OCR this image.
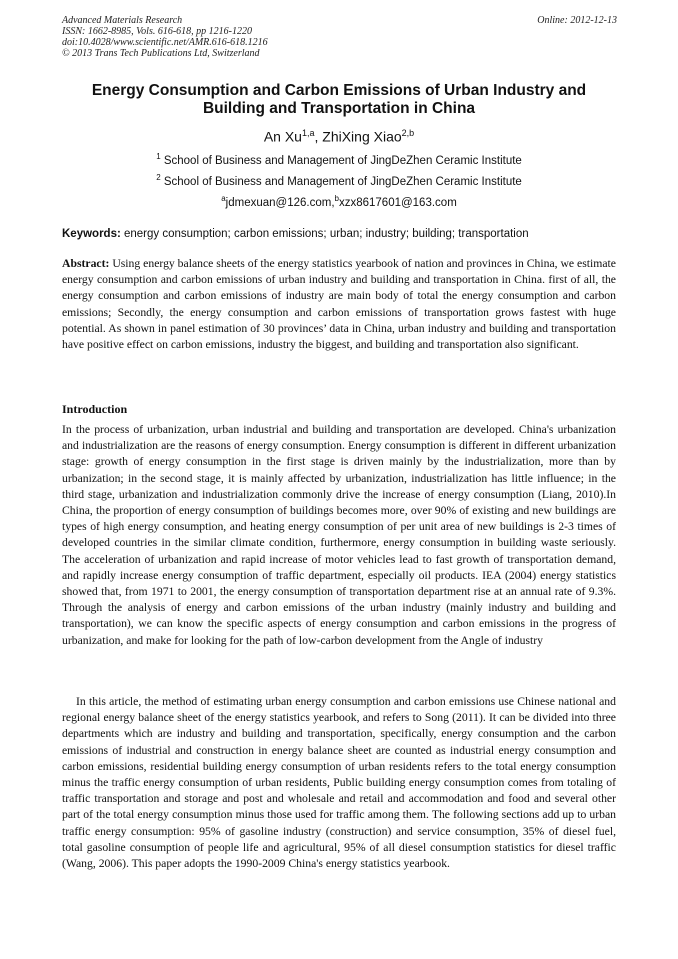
Advanced Materials Research
ISSN: 1662-8985, Vols. 616-618, pp 1216-1220
doi:10.4028/www.scientific.net/AMR.616-618.1216
© 2013 Trans Tech Publications Ltd, Switzerland
Online: 2012-12-13
Energy Consumption and Carbon Emissions of Urban Industry and
Building and Transportation in China
An Xu$^{1,a}$, ZhiXing Xiao$^{2,b}$
$^1$ School of Business and Management of JingDeZhen Ceramic Institute
$^2$ School of Business and Management of JingDeZhen Ceramic Institute
$^a$jdmexuan@126.com,$^b$xzx8617601@163.com
Keywords: energy consumption; carbon emissions; urban; industry; building; transportation
Abstract: Using energy balance sheets of the energy statistics yearbook of nation and provinces in China, we estimate energy consumption and carbon emissions of urban industry and building and transportation in China. first of all, the energy consumption and carbon emissions of industry are main body of total the energy consumption and carbon emissions; Secondly, the energy consumption and carbon emissions of transportation grows fastest with huge potential. As shown in panel estimation of 30 provinces’ data in China, urban industry and building and transportation have positive effect on carbon emissions, industry the biggest, and building and transportation also significant.
Introduction
In the process of urbanization, urban industrial and building and transportation are developed. China's urbanization and industrialization are the reasons of energy consumption. Energy consumption is different in different urbanization stage: growth of energy consumption in the first stage is driven mainly by the industrialization, more than by urbanization; in the second stage, it is mainly affected by urbanization, industrialization has little influence; in the third stage, urbanization and industrialization commonly drive the increase of energy consumption (Liang, 2010).In China, the proportion of energy consumption of buildings becomes more, over 90% of existing and new buildings are types of high energy consumption, and heating energy consumption of per unit area of new buildings is 2-3 times of developed countries in the similar climate condition, furthermore, energy consumption in building waste seriously. The acceleration of urbanization and rapid increase of motor vehicles lead to fast growth of transportation demand, and rapidly increase energy consumption of traffic department, especially oil products. IEA (2004) energy statistics showed that, from 1971 to 2001, the energy consumption of transportation department rise at an annual rate of 9.3%. Through the analysis of energy and carbon emissions of the urban industry (mainly industry and building and transportation), we can know the specific aspects of energy consumption and carbon emissions in the progress of urbanization, and make for looking for the path of low-carbon development from the Angle of industry
In this article, the method of estimating urban energy consumption and carbon emissions use Chinese national and regional energy balance sheet of the energy statistics yearbook, and refers to Song (2011). It can be divided into three departments which are industry and building and transportation, specifically, energy consumption and the carbon emissions of industrial and construction in energy balance sheet are counted as industrial energy consumption and carbon emissions, residential building energy consumption of urban residents refers to the total energy consumption minus the traffic energy consumption of urban residents, Public building energy consumption comes from totaling of traffic transportation and storage and post and wholesale and retail and accommodation and food and several other part of the total energy consumption minus those used for traffic among them. The following sections add up to urban traffic energy consumption: 95% of gasoline industry (construction) and service consumption, 35% of diesel fuel, total gasoline consumption of people life and agricultural, 95% of all diesel consumption statistics for diesel traffic (Wang, 2006). This paper adopts the 1990-2009 China's energy statistics yearbook.
